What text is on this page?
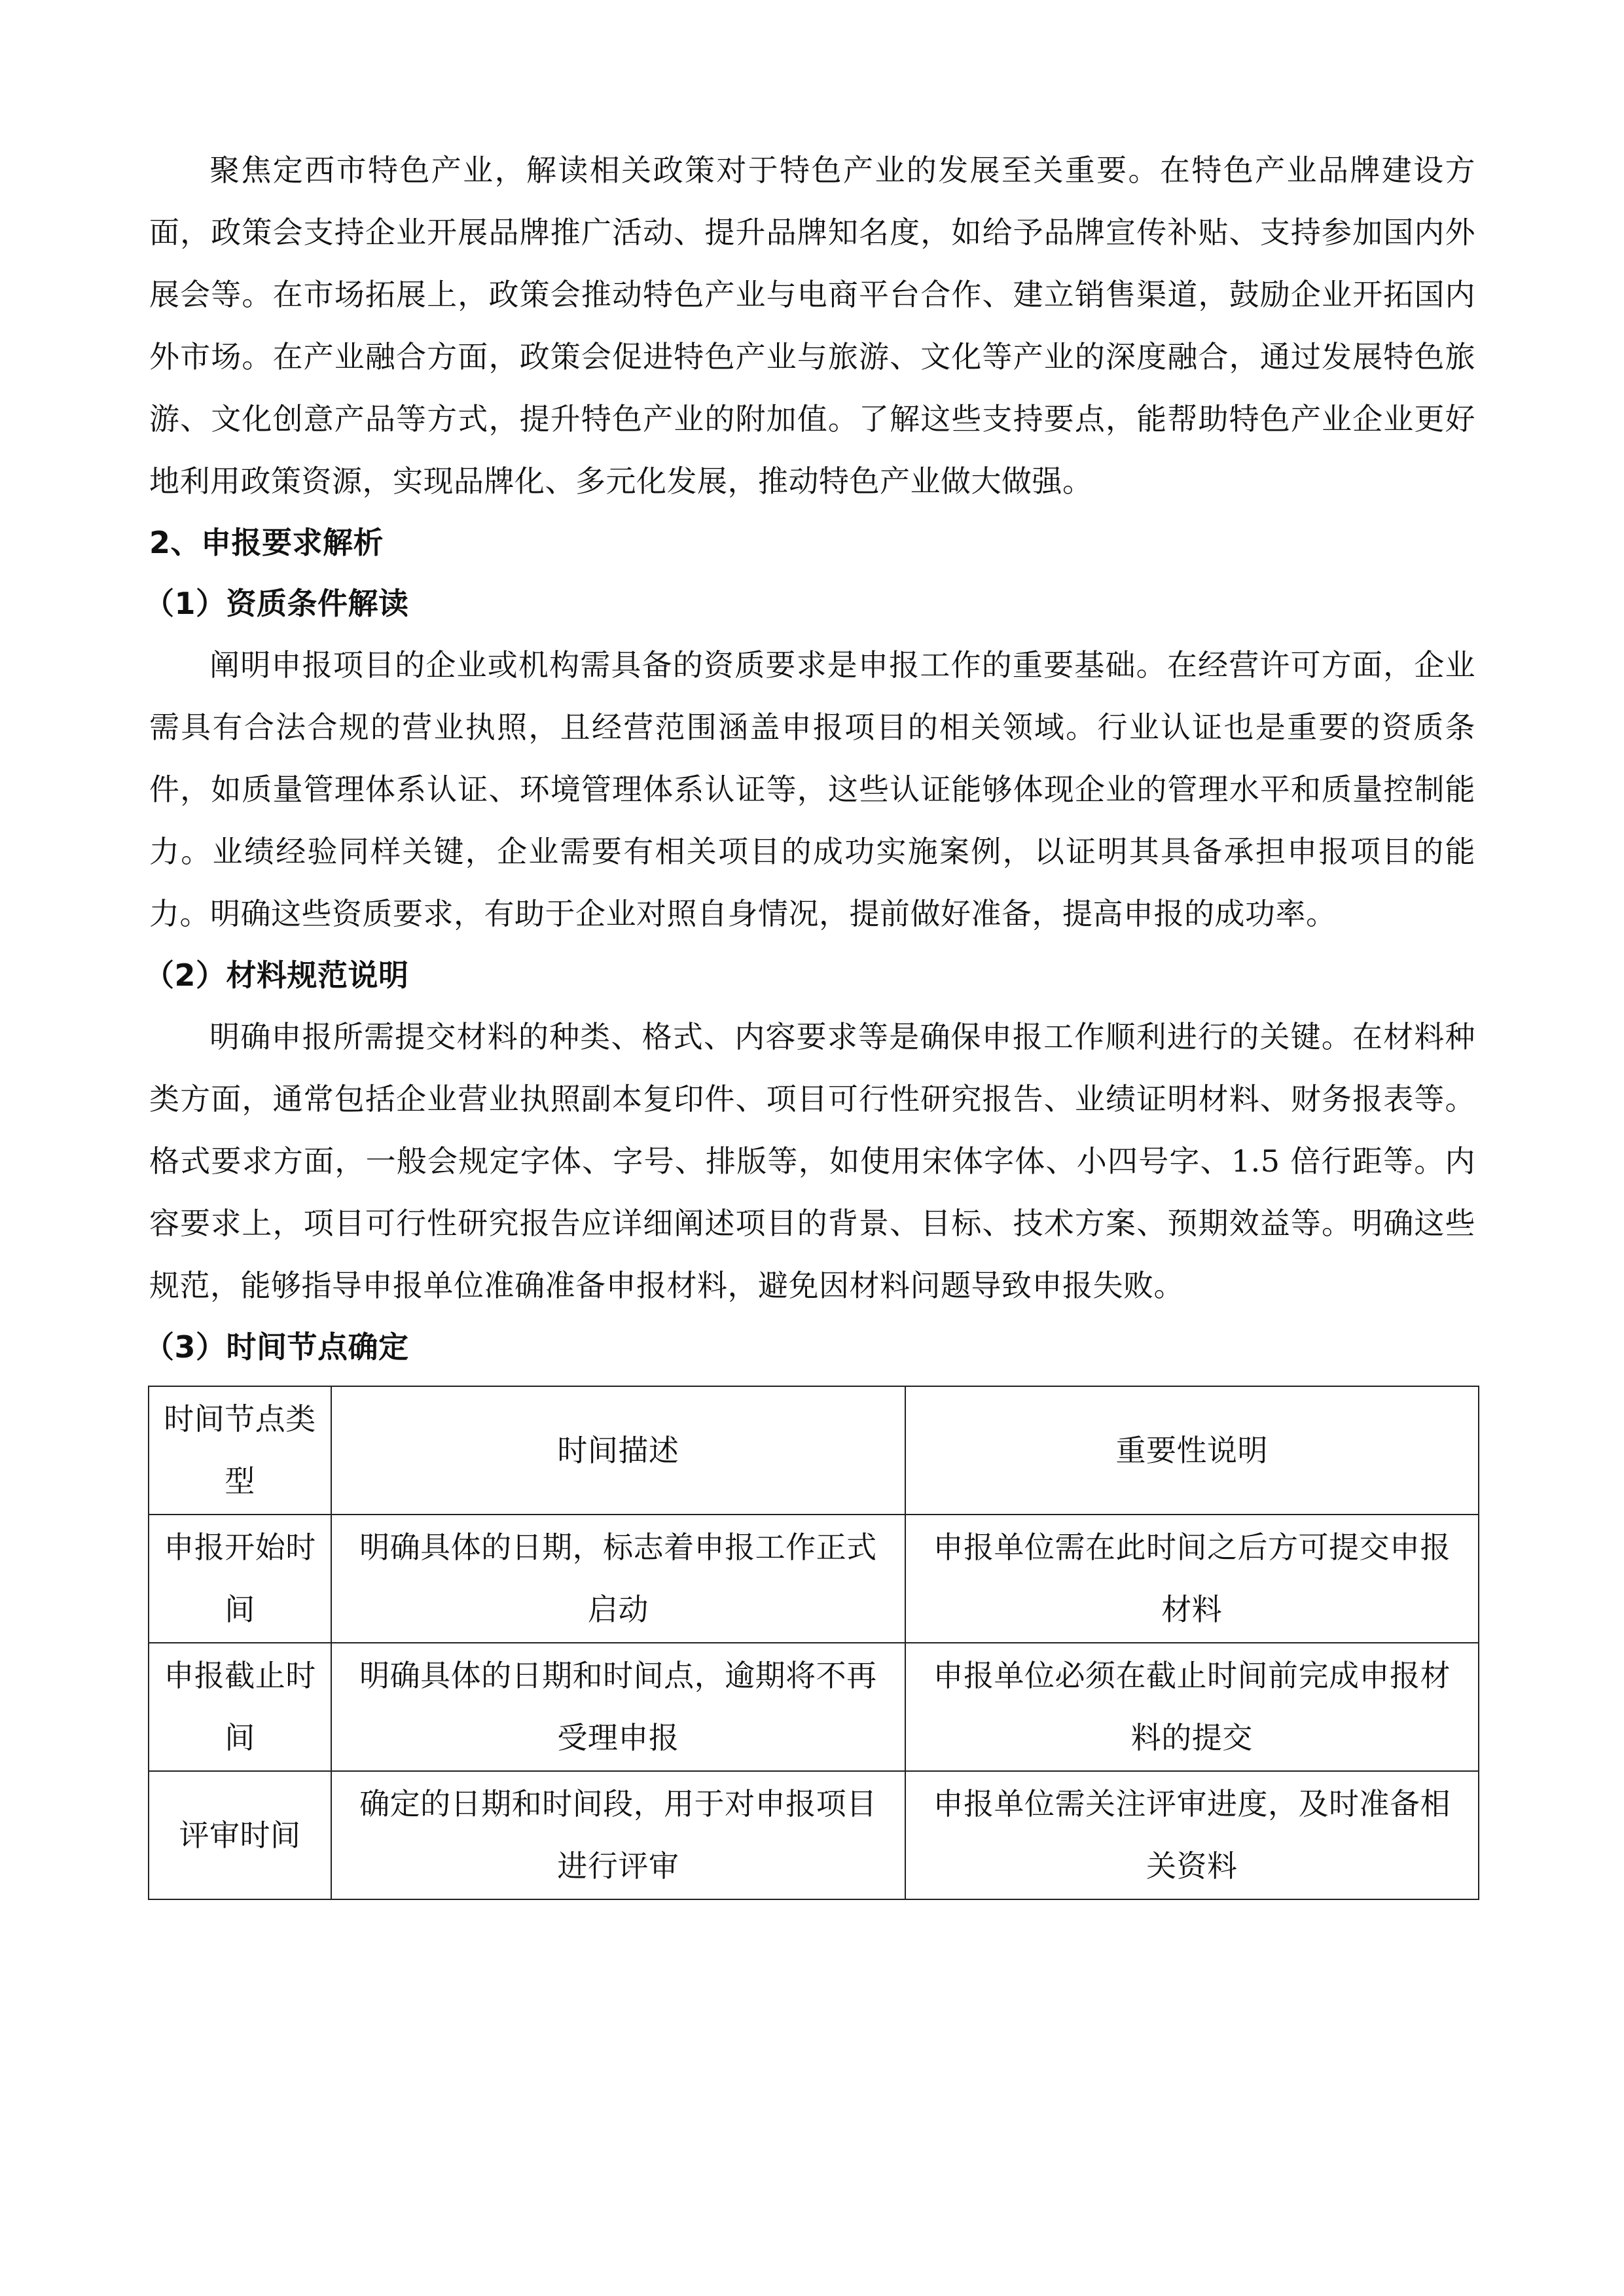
聚焦定西市特色产业，解读相关政策对于特色产业的发展至关重要。在特色产业品牌建设方面，政策会支持企业开展品牌推广活动、提升品牌知名度，如给予品牌宣传补贴、支持参加国内外展会等。在市场拓展上，政策会推动特色产业与电商平台合作、建立销售渠道，鼓励企业开拓国内外市场。在产业融合方面，政策会促进特色产业与旅游、文化等产业的深度融合，通过发展特色旅游、文化创意产品等方式，提升特色产业的附加值。了解这些支持要点，能帮助特色产业企业更好地利用政策资源，实现品牌化、多元化发展，推动特色产业做大做强。

2、申报要求解析
（1）资质条件解读

阐明申报项目的企业或机构需具备的资质要求是申报工作的重要基础。在经营许可方面，企业需具有合法合规的营业执照，且经营范围涵盖申报项目的相关领域。行业认证也是重要的资质条件，如质量管理体系认证、环境管理体系认证等，这些认证能够体现企业的管理水平和质量控制能力。业绩经验同样关键，企业需要有相关项目的成功实施案例，以证明其具备承担申报项目的能力。明确这些资质要求，有助于企业对照自身情况，提前做好准备，提高申报的成功率。

（2）材料规范说明

明确申报所需提交材料的种类、格式、内容要求等是确保申报工作顺利进行的关键。在材料种类方面，通常包括企业营业执照副本复印件、项目可行性研究报告、业绩证明材料、财务报表等。格式要求方面，一般会规定字体、字号、排版等，如使用宋体字体、小四号字、1.5 倍行距等。内容要求上，项目可行性研究报告应详细阐述项目的背景、目标、技术方案、预期效益等。明确这些规范，能够指导申报单位准确准备申报材料，避免因材料问题导致申报失败。

（3）时间节点确定
时间节点类型	时间描述	重要性说明
申报开始时间	明确具体的日期，标志着申报工作正式启动	申报单位需在此时间之后方可提交申报材料
申报截止时间	明确具体的日期和时间点，逾期将不再受理申报	申报单位必须在截止时间前完成申报材料的提交
评审时间	确定的日期和时间段，用于对申报项目进行评审	申报单位需关注评审进度，及时准备相关资料
